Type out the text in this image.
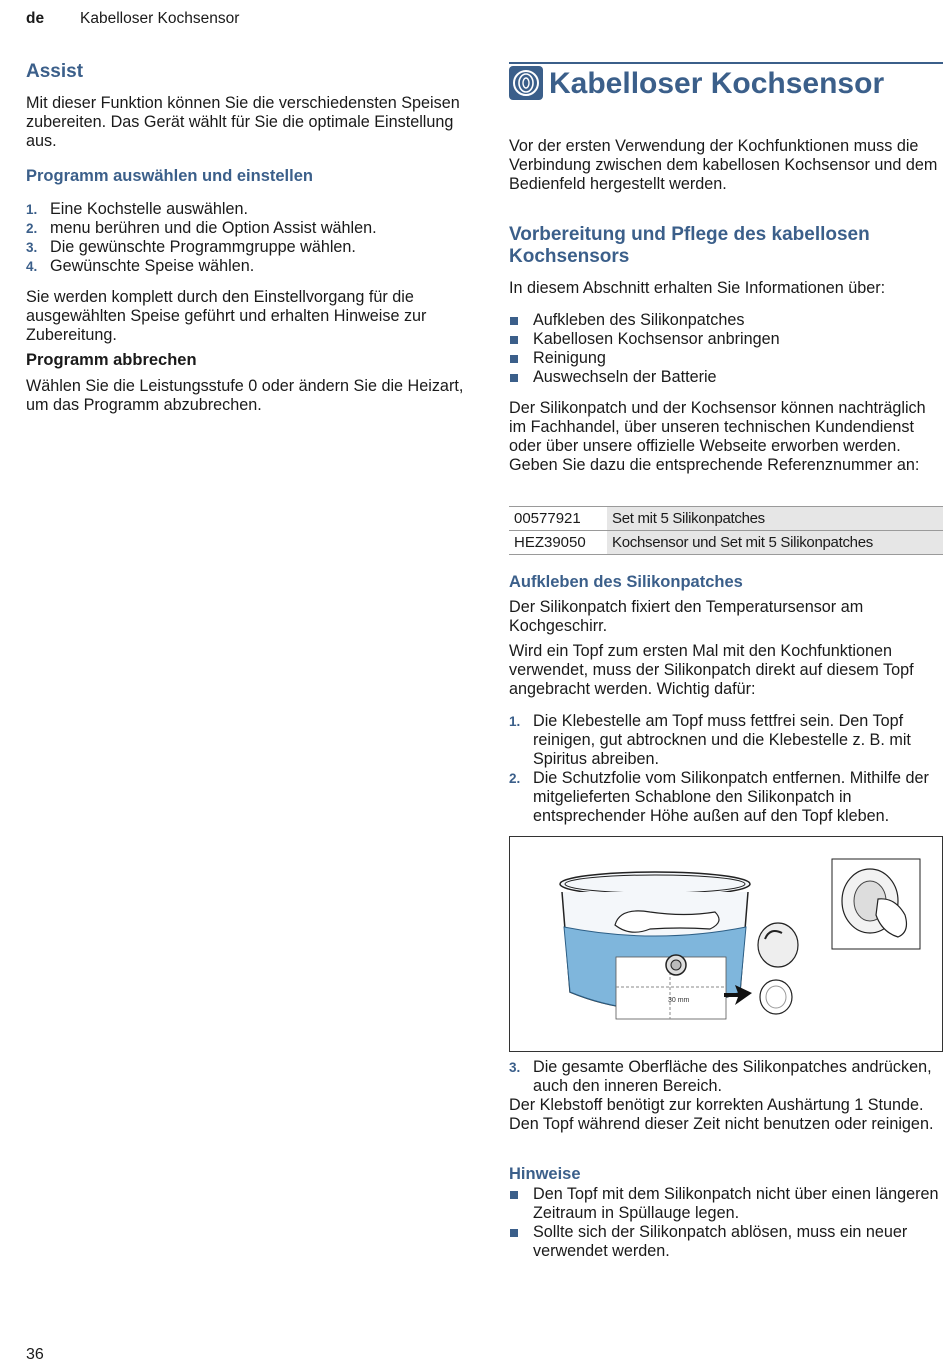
de Kabelloser Kochsensor
Assist
Mit dieser Funktion können Sie die verschiedensten Speisen zubereiten. Das Gerät wählt für Sie die optimale Einstellung aus.
Programm auswählen und einstellen
1. Eine Kochstelle auswählen.
2. menu berühren und die Option Assist wählen.
3. Die gewünschte Programmgruppe wählen.
4. Gewünschte Speise wählen.
Sie werden komplett durch den Einstellvorgang für die ausgewählten Speise geführt und erhalten Hinweise zur Zubereitung.
Programm abbrechen
Wählen Sie die Leistungsstufe 0 oder ändern Sie die Heizart, um das Programm abzubrechen.
Kabelloser Kochsensor
Vor der ersten Verwendung der Kochfunktionen muss die Verbindung zwischen dem kabellosen Kochsensor und dem Bedienfeld hergestellt werden.
Vorbereitung und Pflege des kabellosen Kochsensors
In diesem Abschnitt erhalten Sie Informationen über:
Aufkleben des Silikonpatches
Kabellosen Kochsensor anbringen
Reinigung
Auswechseln der Batterie
Der Silikonpatch und der Kochsensor können nachträglich im Fachhandel, über unseren technischen Kundendienst oder über unsere offizielle Webseite erworben werden. Geben Sie dazu die entsprechende Referenznummer an:
00577921	Set mit 5 Silikonpatches
HEZ39050	Kochsensor und Set mit 5 Silikonpatches
Aufkleben des Silikonpatches
Der Silikonpatch fixiert den Temperatursensor am Kochgeschirr.
Wird ein Topf zum ersten Mal mit den Kochfunktionen verwendet, muss der Silikonpatch direkt auf diesem Topf angebracht werden. Wichtig dafür:
1. Die Klebestelle am Topf muss fettfrei sein. Den Topf reinigen, gut abtrocknen und die Klebestelle z. B. mit Spiritus abreiben.
2. Die Schutzfolie vom Silikonpatch entfernen. Mithilfe der mitgelieferten Schablone den Silikonpatch in entsprechender Höhe außen auf den Topf kleben.
30 mm
3. Die gesamte Oberfläche des Silikonpatches andrücken, auch den inneren Bereich.
Der Klebstoff benötigt zur korrekten Aushärtung 1 Stunde. Den Topf während dieser Zeit nicht benutzen oder reinigen.
Hinweise
Den Topf mit dem Silikonpatch nicht über einen längeren Zeitraum in Spüllauge legen.
Sollte sich der Silikonpatch ablösen, muss ein neuer verwendet werden.
36
